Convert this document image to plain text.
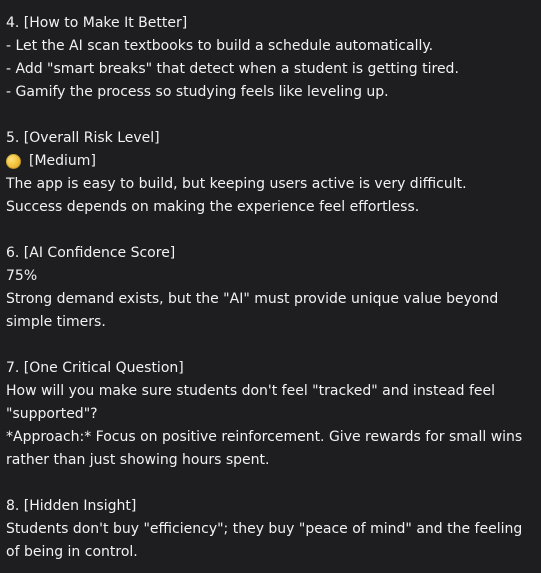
4. [How to Make It Better]
- Let the AI scan textbooks to build a schedule automatically.
- Add "smart breaks" that detect when a student is getting tired.
- Gamify the process so studying feels like leveling up.
5. [Overall Risk Level]
[Medium]
The app is easy to build, but keeping users active is very difficult.
Success depends on making the experience feel effortless.
6. [AI Confidence Score]
75%
Strong demand exists, but the "AI" must provide unique value beyond simple timers.
7. [One Critical Question]
How will you make sure students don't feel "tracked" and instead feel "supported"?
*Approach:* Focus on positive reinforcement. Give rewards for small wins rather than just showing hours spent.
8. [Hidden Insight]
Students don't buy "efficiency"; they buy "peace of mind" and the feeling of being in control.
